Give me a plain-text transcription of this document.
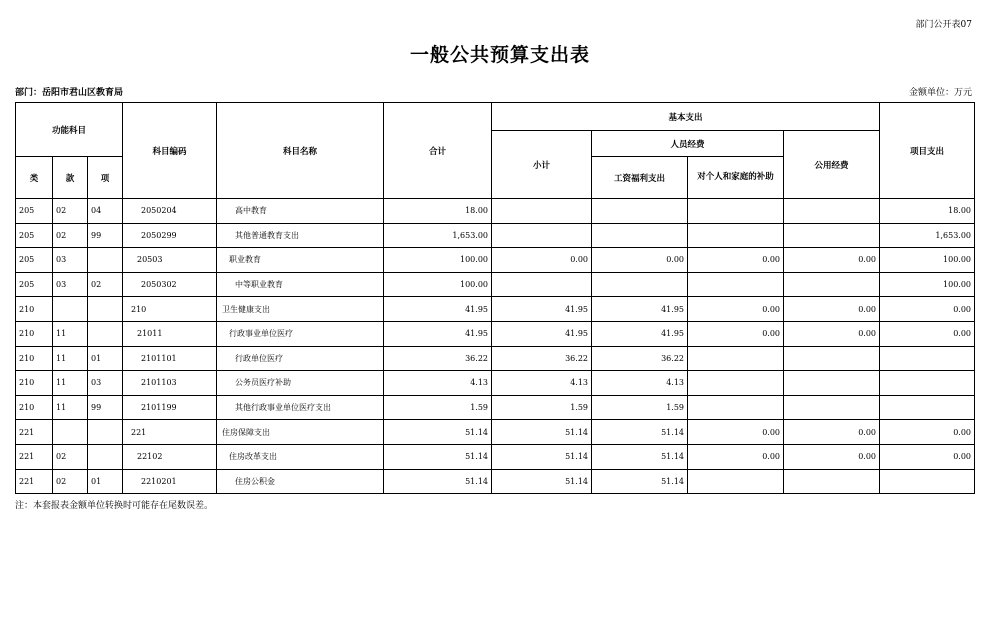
部门公开表07
一般公共预算支出表
部门：岳阳市君山区教育局	金额单位：万元
功能科目			科目编码	科目名称	合计	基本支出				项目支出
						小计	人员经费		公用经费	
类	款	项					工资福利支出	对个人和家庭的补助		
205	02	04	2050204	高中教育	18.00					18.00
205	02	99	2050299	其他普通教育支出	1,653.00					1,653.00
205	03		20503	职业教育	100.00	0.00	0.00	0.00	0.00	100.00
205	03	02	2050302	中等职业教育	100.00					100.00
210			210	卫生健康支出	41.95	41.95	41.95	0.00	0.00	0.00
210	11		21011	行政事业单位医疗	41.95	41.95	41.95	0.00	0.00	0.00
210	11	01	2101101	行政单位医疗	36.22	36.22	36.22			
210	11	03	2101103	公务员医疗补助	4.13	4.13	4.13			
210	11	99	2101199	其他行政事业单位医疗支出	1.59	1.59	1.59			
221			221	住房保障支出	51.14	51.14	51.14	0.00	0.00	0.00
221	02		22102	住房改革支出	51.14	51.14	51.14	0.00	0.00	0.00
221	02	01	2210201	住房公积金	51.14	51.14	51.14			
注：本套报表金额单位转换时可能存在尾数误差。
